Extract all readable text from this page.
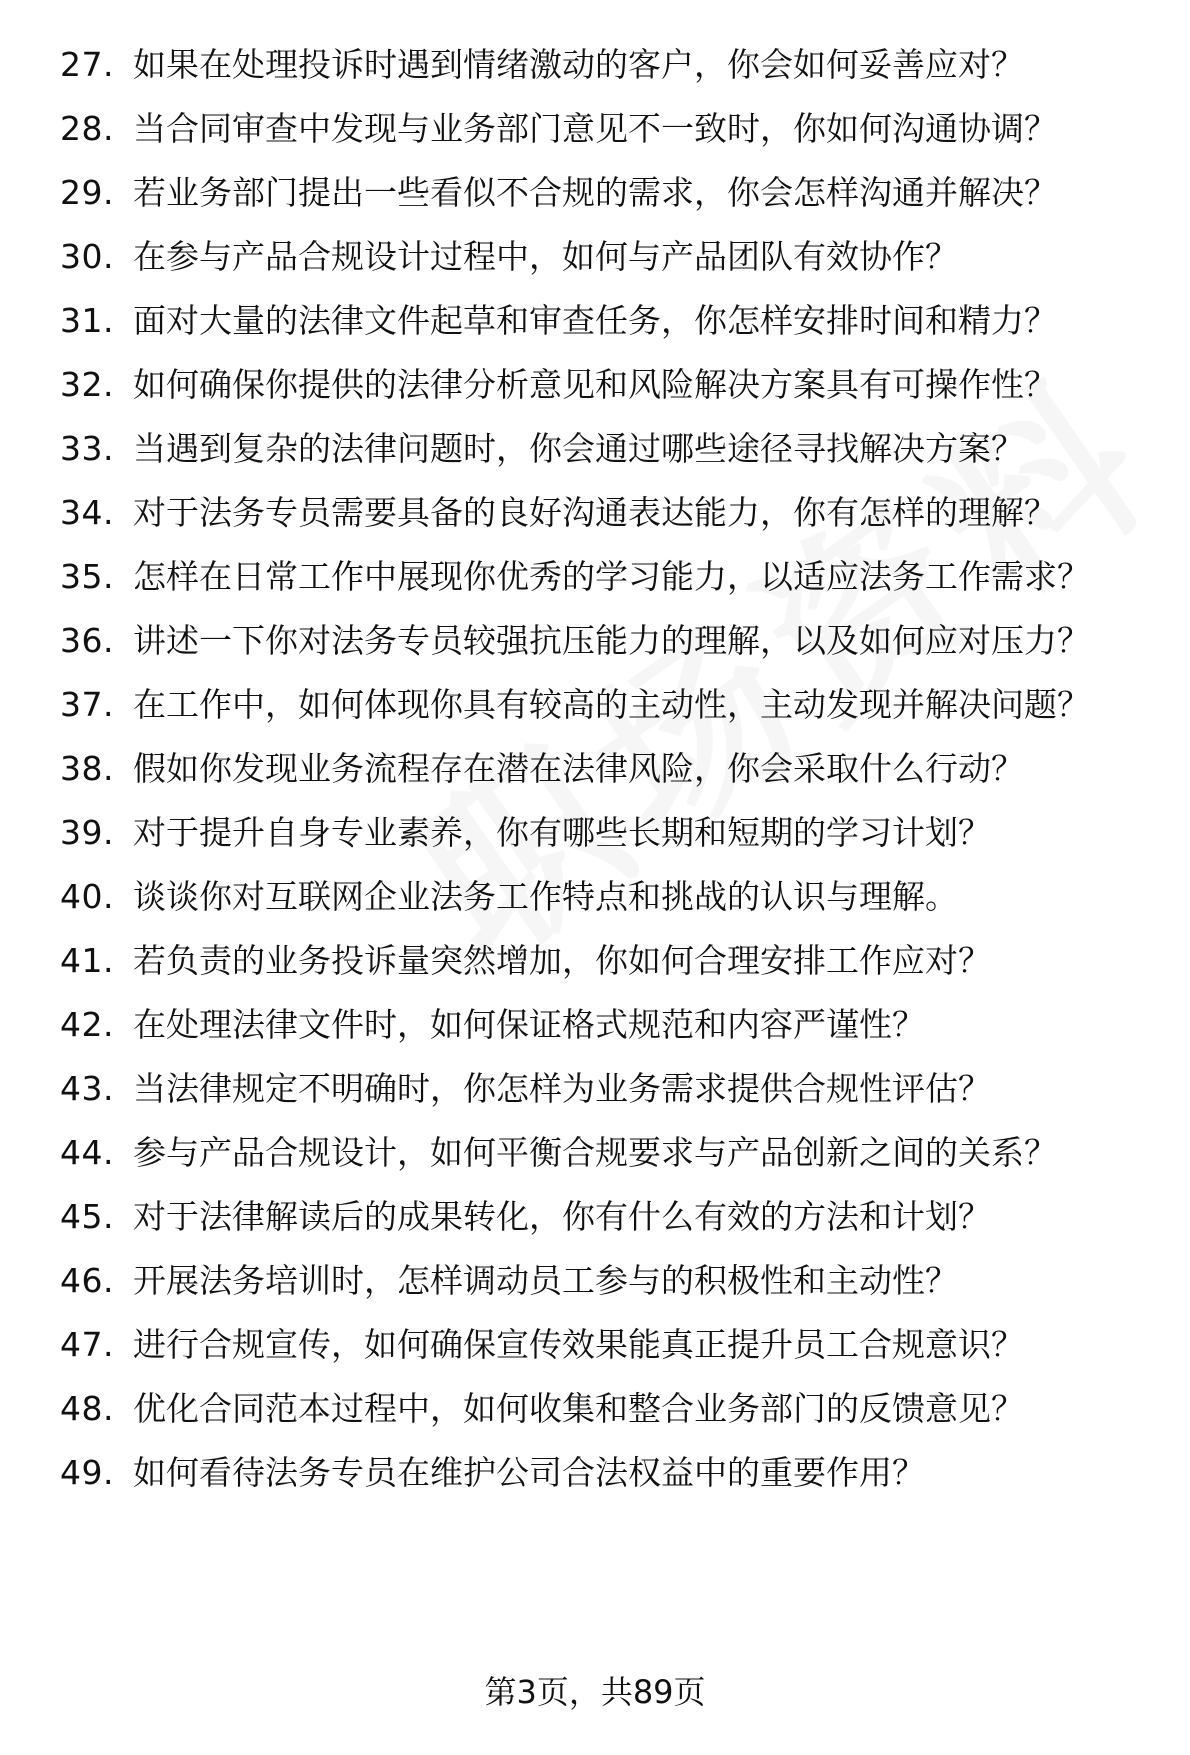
27. 如果在处理投诉时遇到情绪激动的客户，你会如何妥善应对？
28. 当合同审查中发现与业务部门意见不一致时，你如何沟通协调？
29. 若业务部门提出一些看似不合规的需求，你会怎样沟通并解决？
30. 在参与产品合规设计过程中，如何与产品团队有效协作？
31. 面对大量的法律文件起草和审查任务，你怎样安排时间和精力？
32. 如何确保你提供的法律分析意见和风险解决方案具有可操作性？
33. 当遇到复杂的法律问题时，你会通过哪些途径寻找解决方案？
34. 对于法务专员需要具备的良好沟通表达能力，你有怎样的理解？
35. 怎样在日常工作中展现你优秀的学习能力，以适应法务工作需求？
36. 讲述一下你对法务专员较强抗压能力的理解，以及如何应对压力？
37. 在工作中，如何体现你具有较高的主动性，主动发现并解决问题？
38. 假如你发现业务流程存在潜在法律风险，你会采取什么行动？
39. 对于提升自身专业素养，你有哪些长期和短期的学习计划？
40. 谈谈你对互联网企业法务工作特点和挑战的认识与理解。
41. 若负责的业务投诉量突然增加，你如何合理安排工作应对？
42. 在处理法律文件时，如何保证格式规范和内容严谨性？
43. 当法律规定不明确时，你怎样为业务需求提供合规性评估？
44. 参与产品合规设计，如何平衡合规要求与产品创新之间的关系？
45. 对于法律解读后的成果转化，你有什么有效的方法和计划？
46. 开展法务培训时，怎样调动员工参与的积极性和主动性？
47. 进行合规宣传，如何确保宣传效果能真正提升员工合规意识？
48. 优化合同范本过程中，如何收集和整合业务部门的反馈意见？
49. 如何看待法务专员在维护公司合法权益中的重要作用？
第3页，共89页
